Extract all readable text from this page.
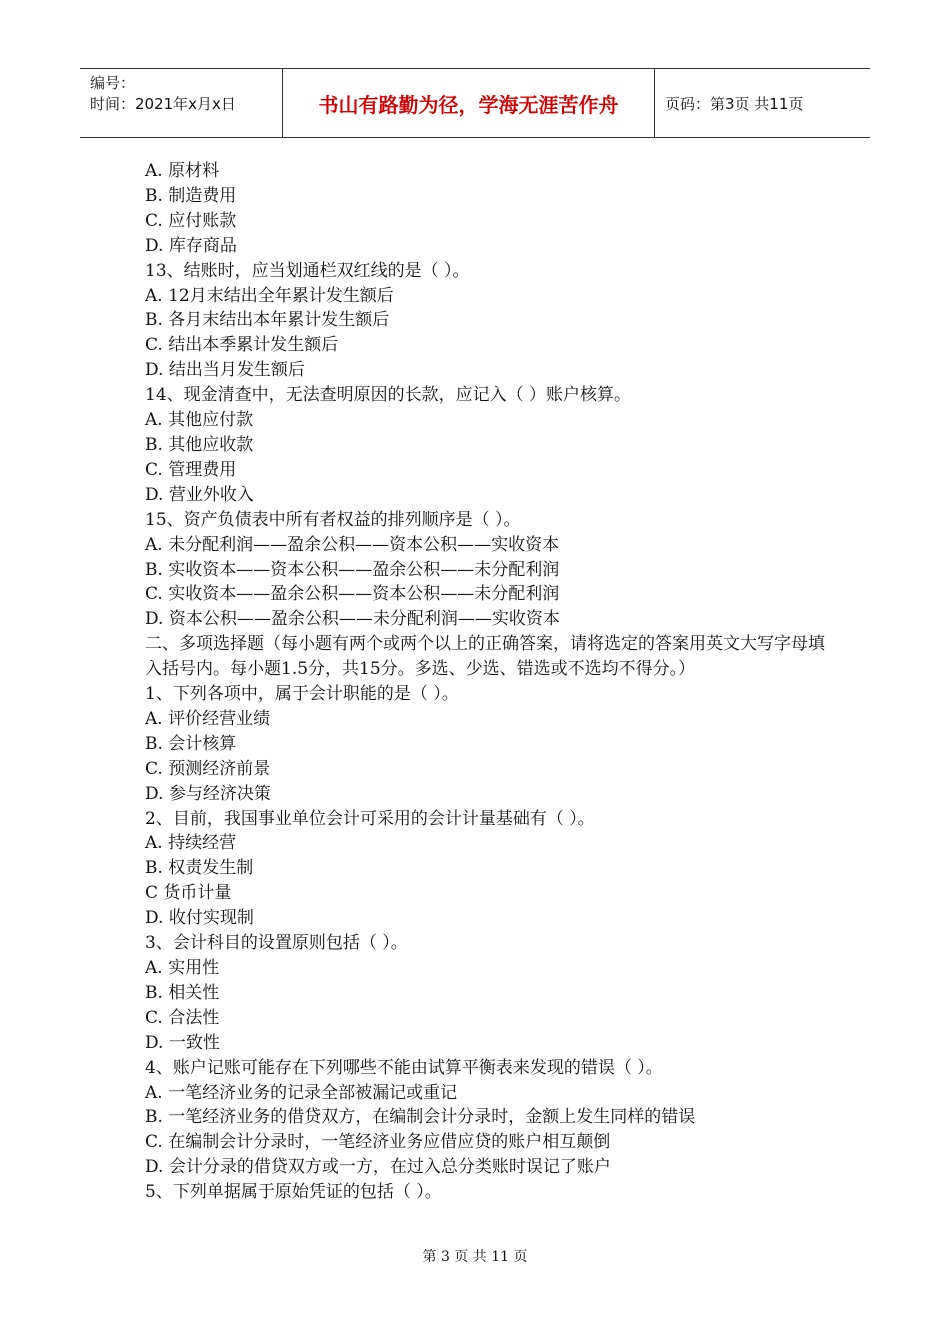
编号：
时间：2021年x月x日	书山有路勤为径，学海无涯苦作舟	页码：第3页 共11页
A. 原材料
B. 制造费用
C. 应付账款
D. 库存商品
13、结账时，应当划通栏双红线的是（ ）。
A. 12月末结出全年累计发生额后
B. 各月末结出本年累计发生额后
C. 结出本季累计发生额后
D. 结出当月发生额后
14、现金清查中，无法查明原因的长款，应记入（ ）账户核算。
A. 其他应付款
B. 其他应收款
C. 管理费用
D. 营业外收入
15、资产负债表中所有者权益的排列顺序是（ ）。
A. 未分配利润——盈余公积——资本公积——实收资本
B. 实收资本——资本公积——盈余公积——未分配利润
C. 实收资本——盈余公积——资本公积——未分配利润
D. 资本公积——盈余公积——未分配利润——实收资本
二、多项选择题（每小题有两个或两个以上的正确答案，请将选定的答案用英文大写字母填入括号内。每小题1.5分，共15分。多选、少选、错选或不选均不得分。）
1、下列各项中，属于会计职能的是（ ）。
A. 评价经营业绩
B. 会计核算
C. 预测经济前景
D. 参与经济决策
2、目前，我国事业单位会计可采用的会计计量基础有（ ）。
A. 持续经营
B. 权责发生制
C 货币计量
D. 收付实现制
3、会计科目的设置原则包括（ ）。
A. 实用性
B. 相关性
C. 合法性
D. 一致性
4、账户记账可能存在下列哪些不能由试算平衡表来发现的错误（ ）。
A. 一笔经济业务的记录全部被漏记或重记
B. 一笔经济业务的借贷双方，在编制会计分录时，金额上发生同样的错误
C. 在编制会计分录时，一笔经济业务应借应贷的账户相互颠倒
D. 会计分录的借贷双方或一方，在过入总分类账时误记了账户
5、下列单据属于原始凭证的包括（ ）。
第 3 页 共 11 页
